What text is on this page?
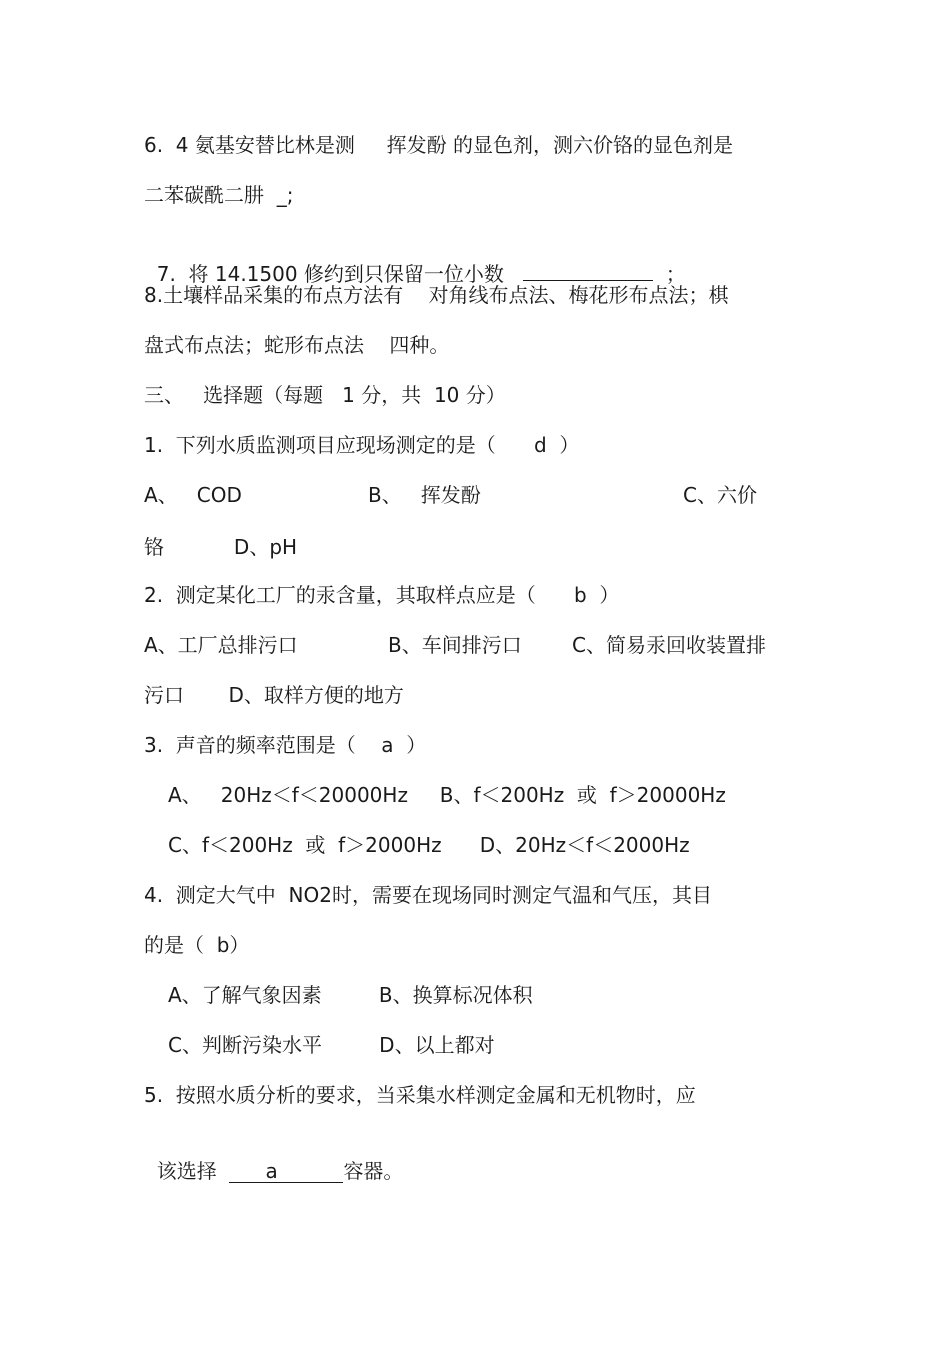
6.  4 氨基安替比林是测     挥发酚 的显色剂，测六价铬的显色剂是
二苯碳酰二肼  _;

7.  将 14.1500 修约到只保留一位小数	；

8.土壤样品采集的布点方法有    对角线布点法、梅花形布点法；棋
盘式布点法；蛇形布点法    四种。
三、   选择题（每题   1 分，共  10 分）
1.  下列水质监测项目应现场测定的是（      d  ）
A、   COD	B、   挥发酚	C、六价
铬           D、pH
2.  测定某化工厂的汞含量，其取样点应是（      b  ）
A、工厂总排污口	B、车间排污口	C、简易汞回收装置排
污口       D、取样方便的地方
3.  声音的频率范围是（    a  ）
A、   20Hz＜f＜20000Hz     B、f＜200Hz  或  f＞20000Hz
C、f＜200Hz  或  f＞2000Hz      D、20Hz＜f＜2000Hz
4.  测定大气中  NO2时，需要在现场同时测定气温和气压，其目
的是（  b）
A、了解气象因素         B、换算标况体积
C、判断污染水平         D、以上都对
5.  按照水质分析的要求，当采集水样测定金属和无机物时，应

该选择  a	容器。
